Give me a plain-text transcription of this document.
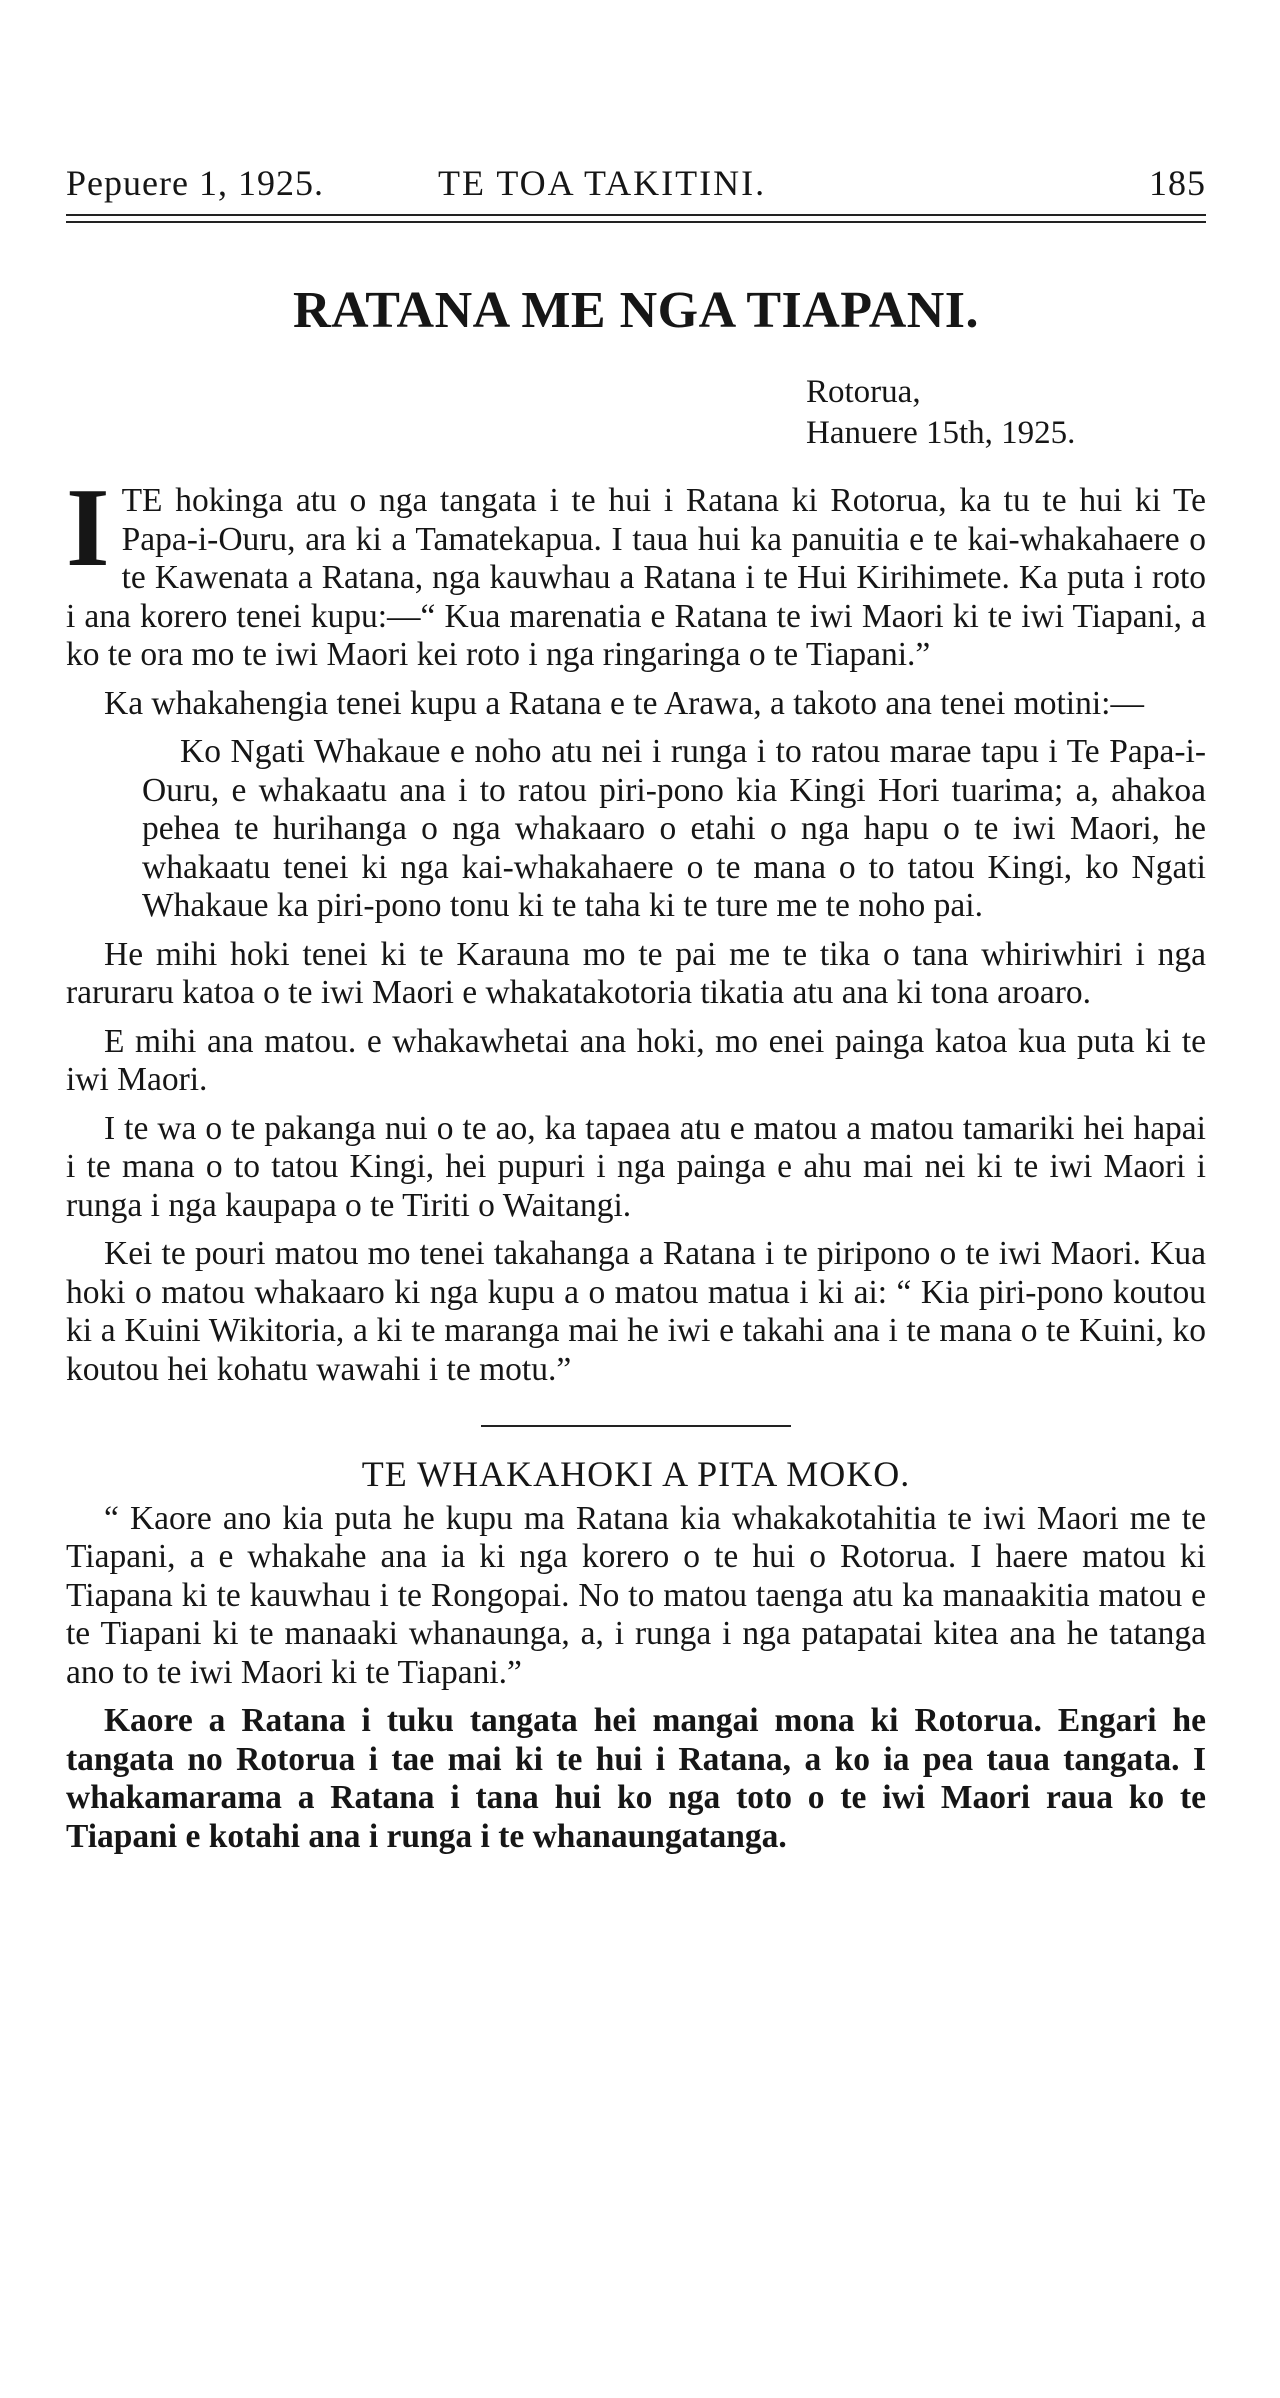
Pepuere 1, 1925.	TE TOA TAKITINI.	185
RATANA ME NGA TIAPANI.
Rotorua,
Hanuere 15th, 1925.

I TE hokinga atu o nga tangata i te hui i Ratana ki Rotorua, ka tu te hui ki Te Papa-i-Ouru, ara ki a Tamatekapua. I taua hui ka panuitia e te kai-whakahaere o te Kawenata a Ratana, nga kauwhau a Ratana i te Hui Kirihimete. Ka puta i roto i ana korero tenei kupu:—“ Kua marenatia e Ratana te iwi Maori ki te iwi Tiapani, a ko te ora mo te iwi Maori kei roto i nga ringaringa o te Tiapani.”

Ka whakahengia tenei kupu a Ratana e te Arawa, a takoto ana tenei motini:—

Ko Ngati Whakaue e noho atu nei i runga i to ratou marae tapu i Te Papa-i-Ouru, e whakaatu ana i to ratou piri-pono kia Kingi Hori tuarima; a, ahakoa pehea te hurihanga o nga whakaaro o etahi o nga hapu o te iwi Maori, he whakaatu tenei ki nga kai-whakahaere o te mana o to tatou Kingi, ko Ngati Whakaue ka piri-pono tonu ki te taha ki te ture me te noho pai.

He mihi hoki tenei ki te Karauna mo te pai me te tika o tana whiriwhiri i nga raruraru katoa o te iwi Maori e whakatakotoria tikatia atu ana ki tona aroaro.

E mihi ana matou. e whakawhetai ana hoki, mo enei painga katoa kua puta ki te iwi Maori.

I te wa o te pakanga nui o te ao, ka tapaea atu e matou a matou tamariki hei hapai i te mana o to tatou Kingi, hei pupuri i nga painga e ahu mai nei ki te iwi Maori i runga i nga kaupapa o te Tiriti o Waitangi.

Kei te pouri matou mo tenei takahanga a Ratana i te piripono o te iwi Maori. Kua hoki o matou whakaaro ki nga kupu a o matou matua i ki ai: “ Kia piri-pono koutou ki a Kuini Wikitoria, a ki te maranga mai he iwi e takahi ana i te mana o te Kuini, ko koutou hei kohatu wawahi i te motu.”

TE WHAKAHOKI A PITA MOKO.

“ Kaore ano kia puta he kupu ma Ratana kia whakakotahitia te iwi Maori me te Tiapani, a e whakahe ana ia ki nga korero o te hui o Rotorua. I haere matou ki Tiapana ki te kauwhau i te Rongopai. No to matou taenga atu ka manaakitia matou e te Tiapani ki te manaaki whanaunga, a, i runga i nga patapatai kitea ana he tatanga ano to te iwi Maori ki te Tiapani.”

Kaore a Ratana i tuku tangata hei mangai mona ki Rotorua. Engari he tangata no Rotorua i tae mai ki te hui i Ratana, a ko ia pea taua tangata. I whakamarama a Ratana i tana hui ko nga toto o te iwi Maori raua ko te Tiapani e kotahi ana i runga i te whanaungatanga.
